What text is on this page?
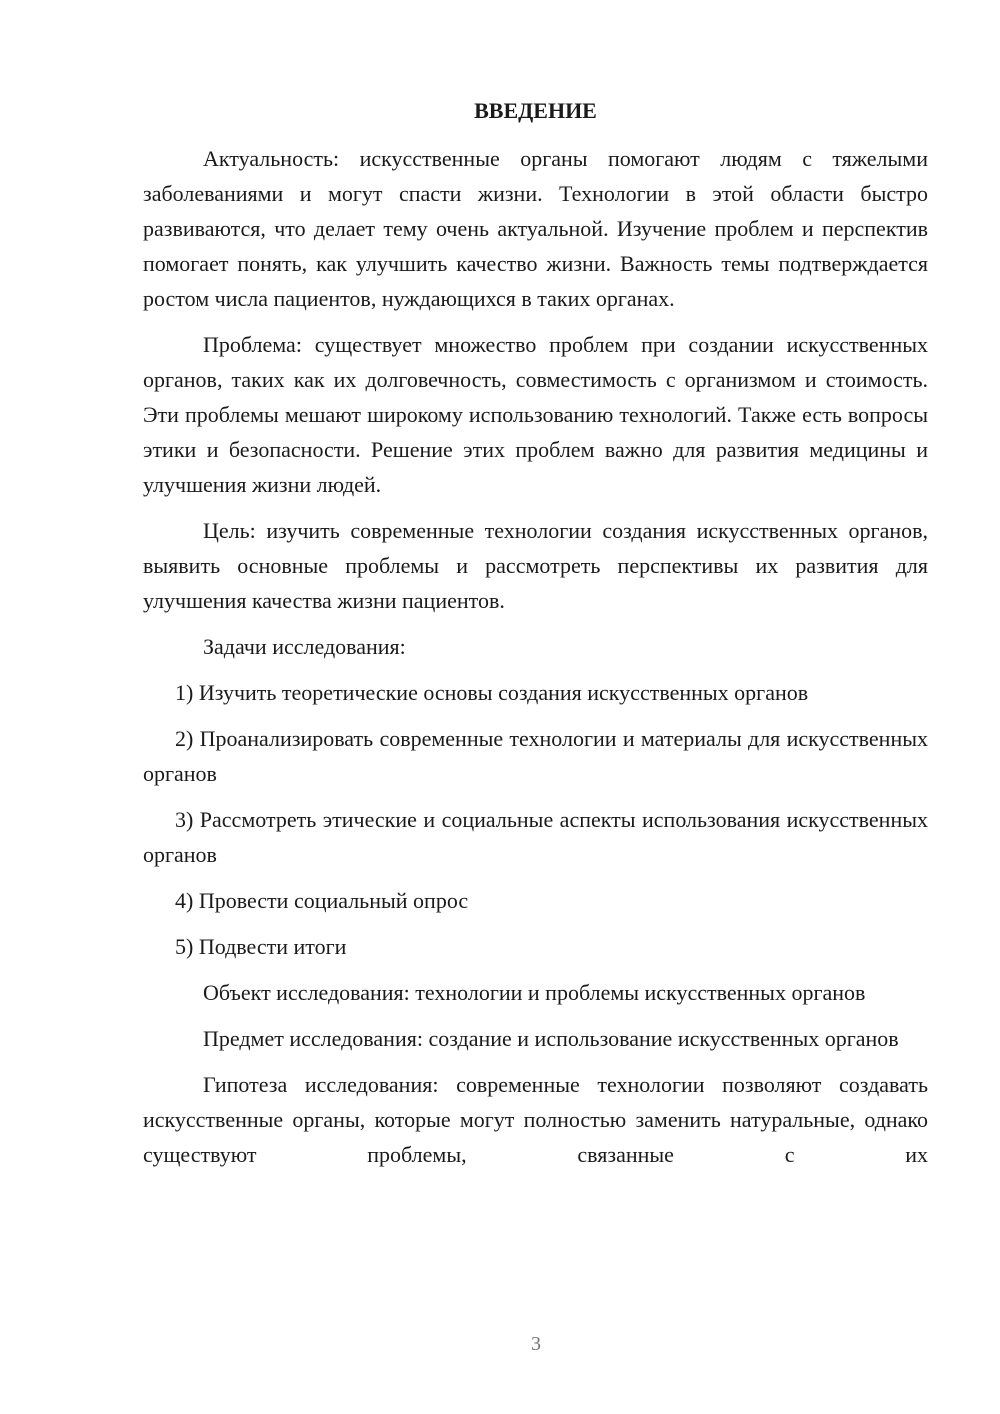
ВВЕДЕНИЕ

Актуальность: искусственные органы помогают людям с тяжелыми заболеваниями и могут спасти жизни. Технологии в этой области быстро развиваются, что делает тему очень актуальной. Изучение проблем и перспектив помогает понять, как улучшить качество жизни. Важность темы подтверждается ростом числа пациентов, нуждающихся в таких органах.

Проблема: существует множество проблем при создании искусственных органов, таких как их долговечность, совместимость с организмом и стоимость. Эти проблемы мешают широкому использованию технологий. Также есть вопросы этики и безопасности. Решение этих проблем важно для развития медицины и улучшения жизни людей.

Цель: изучить современные технологии создания искусственных органов, выявить основные проблемы и рассмотреть перспективы их развития для улучшения качества жизни пациентов.

Задачи исследования:

1) Изучить теоретические основы создания искусственных органов

2) Проанализировать современные технологии и материалы для искусственных органов

3) Рассмотреть этические и социальные аспекты использования искусственных органов

4) Провести социальный опрос

5) Подвести итоги

Объект исследования: технологии и проблемы искусственных органов

Предмет исследования: создание и использование искусственных органов

Гипотеза исследования: современные технологии позволяют создавать искусственные органы, которые могут полностью заменить натуральные, однако существуют проблемы, связанные с их

3
